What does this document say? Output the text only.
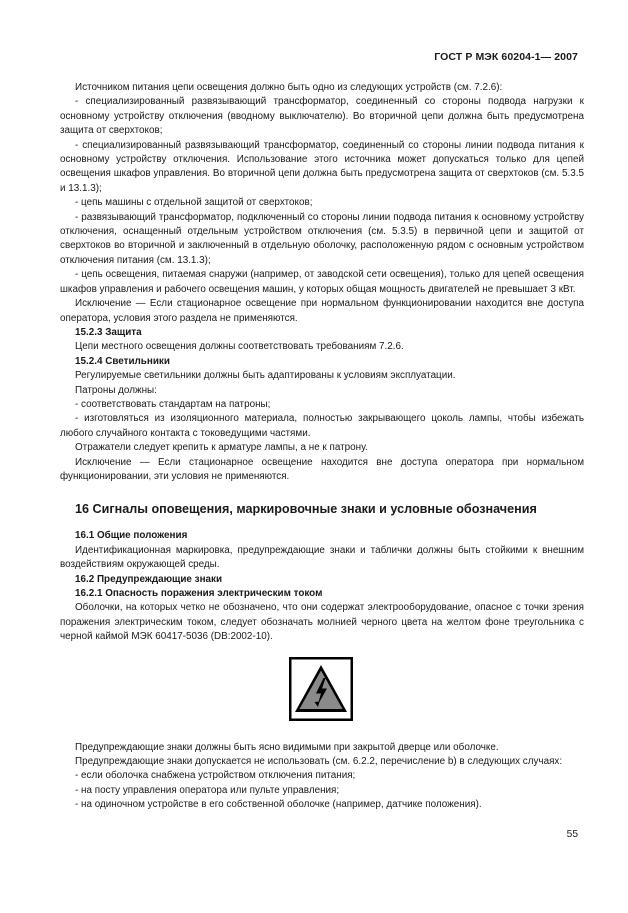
ГОСТ Р МЭК 60204-1— 2007

Источником питания цепи освещения должно быть одно из следующих устройств (см. 7.2.6):

- специализированный развязывающий трансформатор, соединенный со стороны подвода нагрузки к основному устройству отключения (вводному выключателю). Во вторичной цепи должна быть предусмотрена защита от сверхтоков;

- специализированный развязывающий трансформатор, соединенный со стороны линии подвода питания к основному устройству отключения. Использование этого источника может допускаться только для цепей освещения шкафов управления. Во вторичной цепи должна быть предусмотрена защита от сверхтоков (см. 5.3.5 и 13.1.3);

- цепь машины с отдельной защитой от сверхтоков;

- развязывающий трансформатор, подключенный со стороны линии подвода питания к основному устройству отключения, оснащенный отдельным устройством отключения (см. 5.3.5) в первичной цепи и защитой от сверхтоков во вторичной и заключенный в отдельную оболочку, расположенную рядом с основным устройством отключения питания (см. 13.1.3);

- цепь освещения, питаемая снаружи (например, от заводской сети освещения), только для цепей освещения шкафов управления и рабочего освещения машин, у которых общая мощность двигателей не превышает 3 кВт.

Исключение — Если стационарное освещение при нормальном функционировании находится вне доступа оператора, условия этого раздела не применяются.

15.2.3 Защита

Цепи местного освещения должны соответствовать требованиям 7.2.6.

15.2.4 Светильники

Регулируемые светильники должны быть адаптированы к условиям эксплуатации.

Патроны должны:

- соответствовать стандартам на патроны;

- изготовляться из изоляционного материала, полностью закрывающего цоколь лампы, чтобы избежать любого случайного контакта с токоведущими частями.

Отражатели следует крепить к арматуре лампы, а не к патрону.

Исключение — Если стационарное освещение находится вне доступа оператора при нормальном функционировании, эти условия не применяются.

16 Сигналы оповещения, маркировочные знаки и условные обозначения
16.1 Общие положения

Идентификационная маркировка, предупреждающие знаки и таблички должны быть стойкими к внешним воздействиям окружающей среды.

16.2 Предупреждающие знаки
16.2.1 Опасность поражения электрическим током

Оболочки, на которых четко не обозначено, что они содержат электрооборудование, опасное с точки зрения поражения электрическим током, следует обозначать молнией черного цвета на желтом фоне треугольника с черной каймой МЭК 60417-5036 (DB:2002-10).

Предупреждающие знаки должны быть ясно видимыми при закрытой дверце или оболочке.

Предупреждающие знаки допускается не использовать (см. 6.2.2, перечисление b) в следующих случаях:

- если оболочка снабжена устройством отключения питания;

- на посту управления оператора или пульте управления;

- на одиночном устройстве в его собственной оболочке (например, датчике положения).

55
